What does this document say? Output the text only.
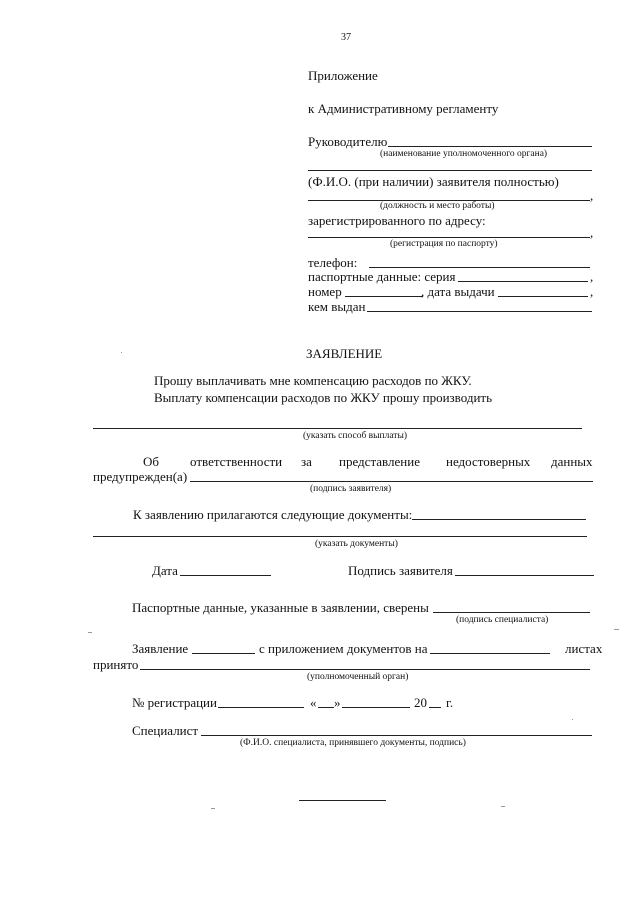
37
Приложение
к Административному регламенту
Руководителю
(наименование уполномоченного органа)
(Ф.И.О. (при наличии) заявителя полностью)
,
(должность и место работы)
зарегистрированного по адресу:
,
(регистрация по паспорту)
телефон:
паспортные данные: серия	,
номер	, дата выдачи	,
кем выдан
ЗАЯВЛЕНИЕ
Прошу выплачивать мне компенсацию расходов по ЖКУ.
Выплату компенсации расходов по ЖКУ прошу производить
(указать способ выплаты)
Об ответственности за представление недостоверных данных
предупрежден(а)
(подпись заявителя)
К заявлению прилагаются следующие документы:
(указать документы)
Дата	Подпись заявителя
Паспортные данные, указанные в заявлении, сверены
(подпись специалиста)
Заявление	с приложением документов на	листах
принято
(уполномоченный орган)
№ регистрации	« »	20 г.
Специалист
(Ф.И.О. специалиста, принявшего документы, подпись)
